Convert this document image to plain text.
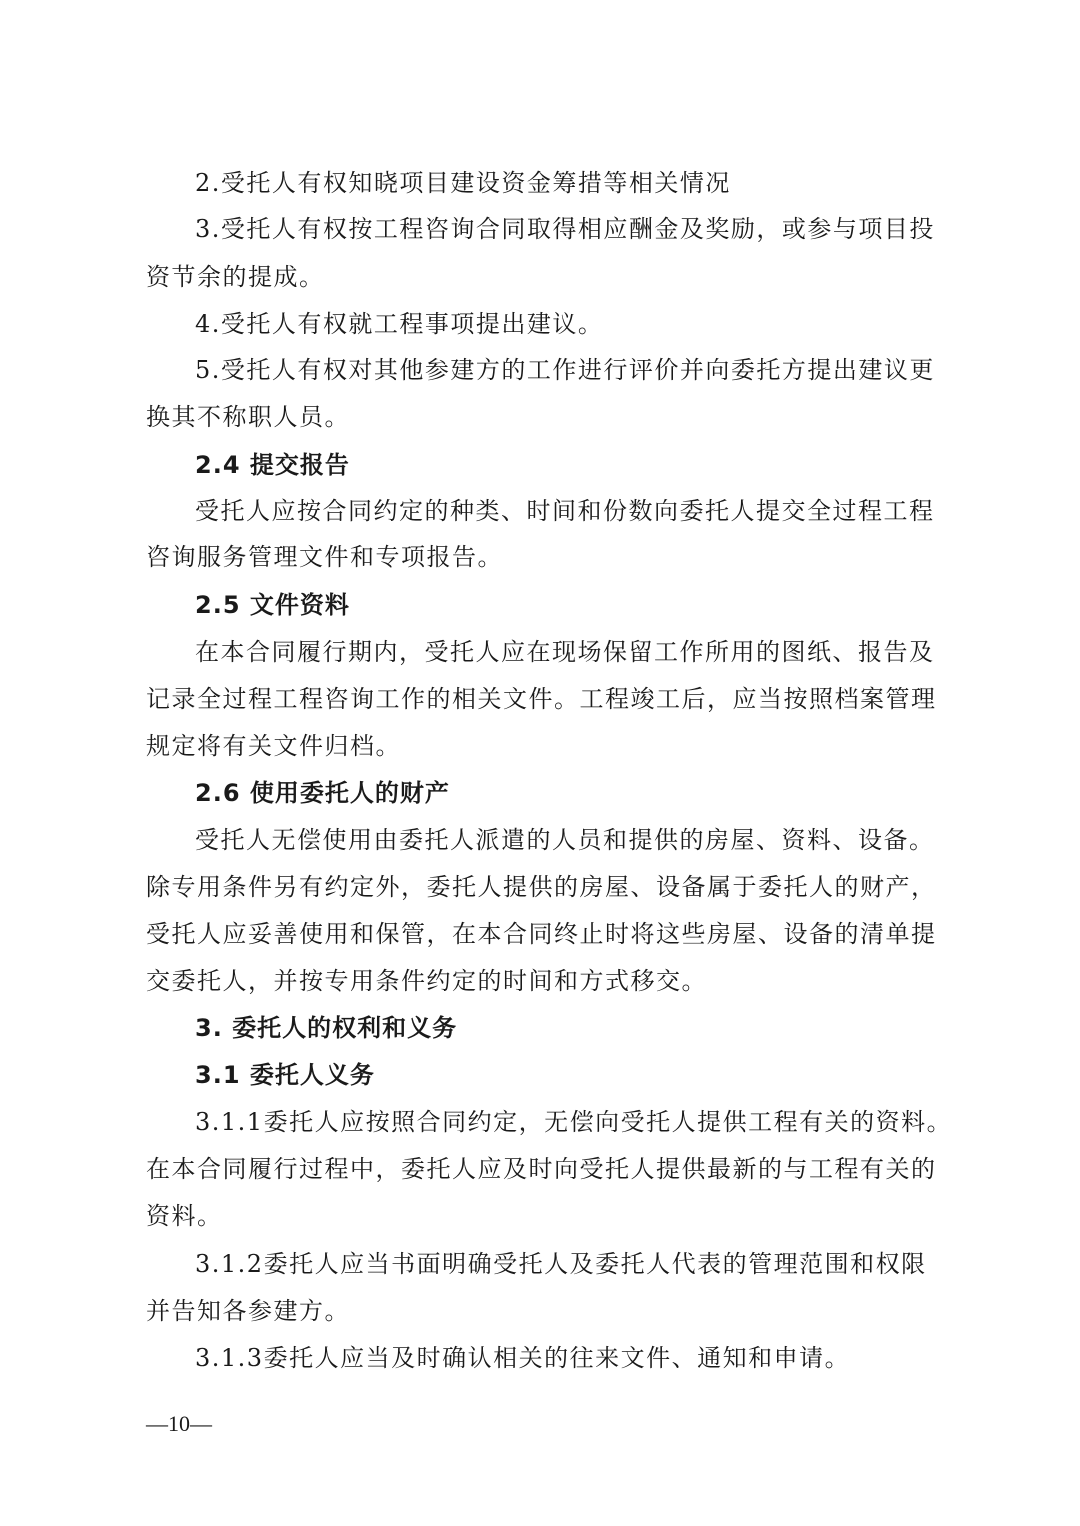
2.受托人有权知晓项目建设资金筹措等相关情况
3.受托人有权按工程咨询合同取得相应酬金及奖励，或参与项目投
资节余的提成。
4.受托人有权就工程事项提出建议。
5.受托人有权对其他参建方的工作进行评价并向委托方提出建议更
换其不称职人员。
2.4 提交报告
受托人应按合同约定的种类、时间和份数向委托人提交全过程工程
咨询服务管理文件和专项报告。
2.5 文件资料
在本合同履行期内，受托人应在现场保留工作所用的图纸、报告及
记录全过程工程咨询工作的相关文件。工程竣工后，应当按照档案管理
规定将有关文件归档。
2.6 使用委托人的财产
受托人无偿使用由委托人派遣的人员和提供的房屋、资料、设备。
除专用条件另有约定外，委托人提供的房屋、设备属于委托人的财产，
受托人应妥善使用和保管，在本合同终止时将这些房屋、设备的清单提
交委托人，并按专用条件约定的时间和方式移交。
3. 委托人的权利和义务
3.1 委托人义务
3.1.1委托人应按照合同约定，无偿向受托人提供工程有关的资料。
在本合同履行过程中，委托人应及时向受托人提供最新的与工程有关的
资料。
3.1.2委托人应当书面明确受托人及委托人代表的管理范围和权限
并告知各参建方。
3.1.3委托人应当及时确认相关的往来文件、通知和申请。
—10—
